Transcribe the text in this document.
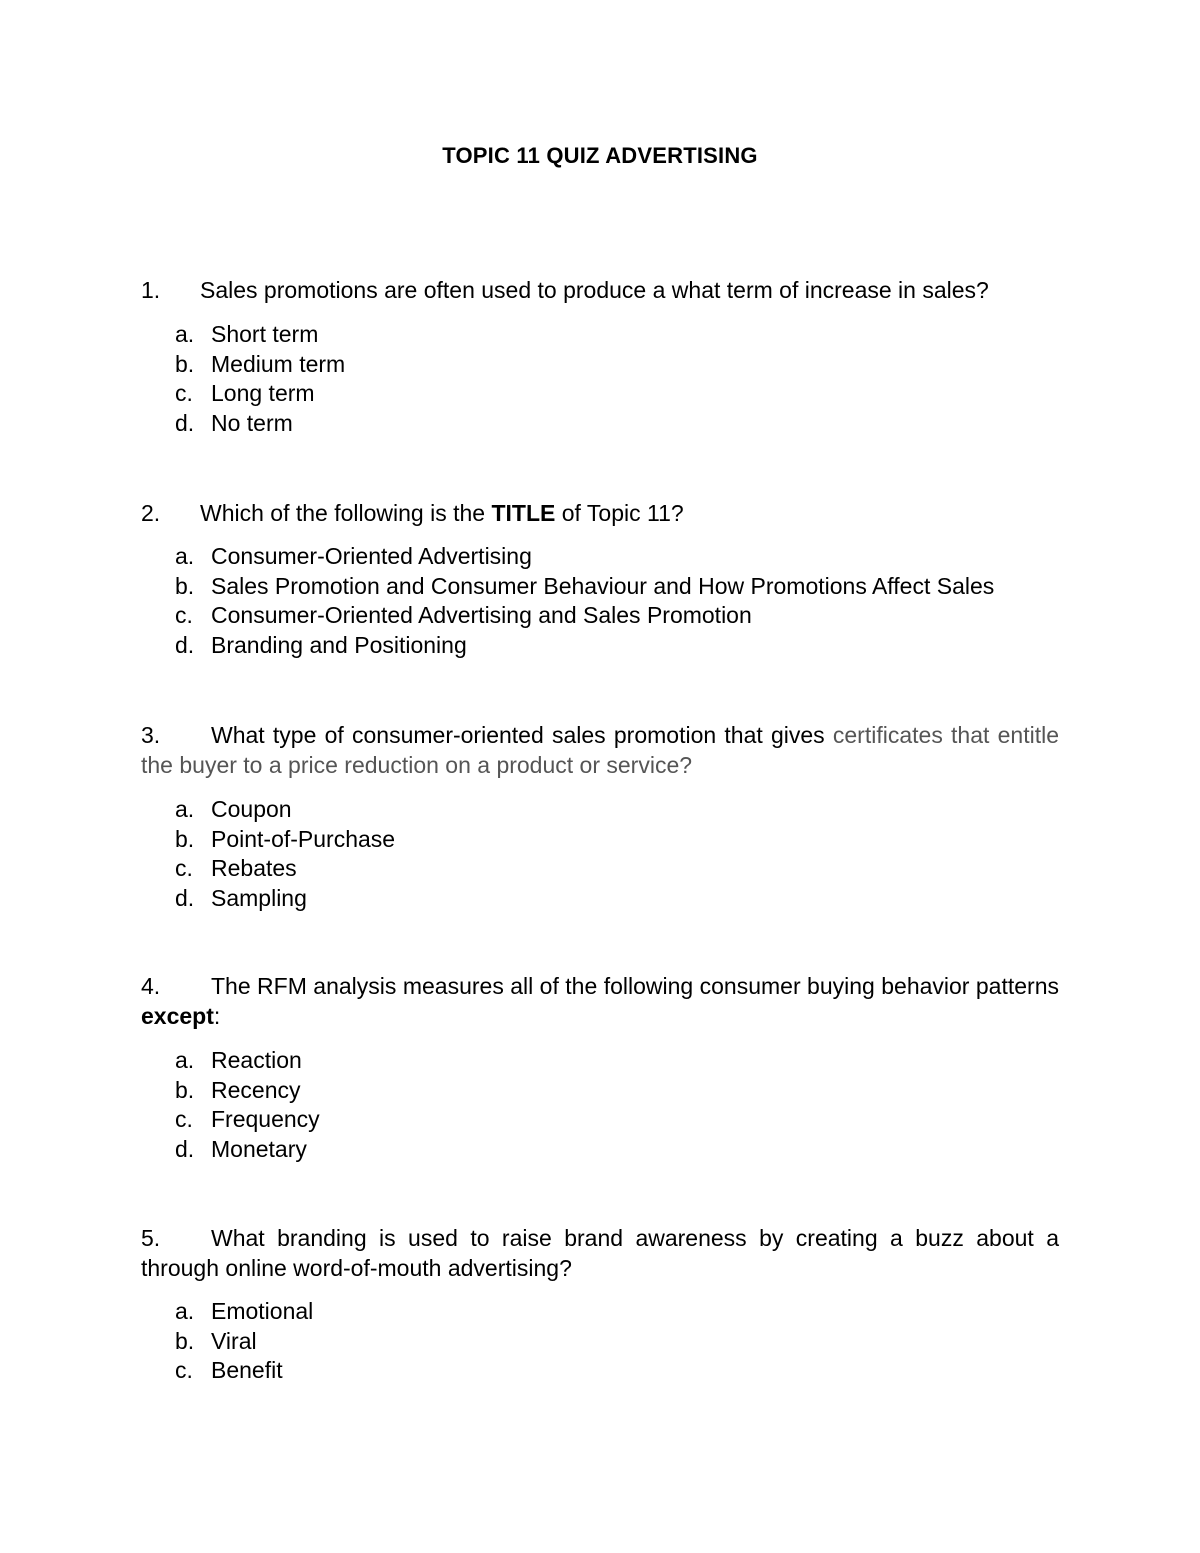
TOPIC 11 QUIZ ADVERTISING
1. Sales promotions are often used to produce a what term of increase in sales?
a. Short term
b. Medium term
c. Long term
d. No term
2. Which of the following is the TITLE of Topic 11?
a. Consumer-Oriented Advertising
b. Sales Promotion and Consumer Behaviour and How Promotions Affect Sales
c. Consumer-Oriented Advertising and Sales Promotion
d. Branding and Positioning
3. What type of consumer-oriented sales promotion that gives certificates that entitle the buyer to a price reduction on a product or service?
a. Coupon
b. Point-of-Purchase
c. Rebates
d. Sampling
4. The RFM analysis measures all of the following consumer buying behavior patterns except:
a. Reaction
b. Recency
c. Frequency
d. Monetary
5. What branding is used to raise brand awareness by creating a buzz about a through online word-of-mouth advertising?
a. Emotional
b. Viral
c. Benefit
